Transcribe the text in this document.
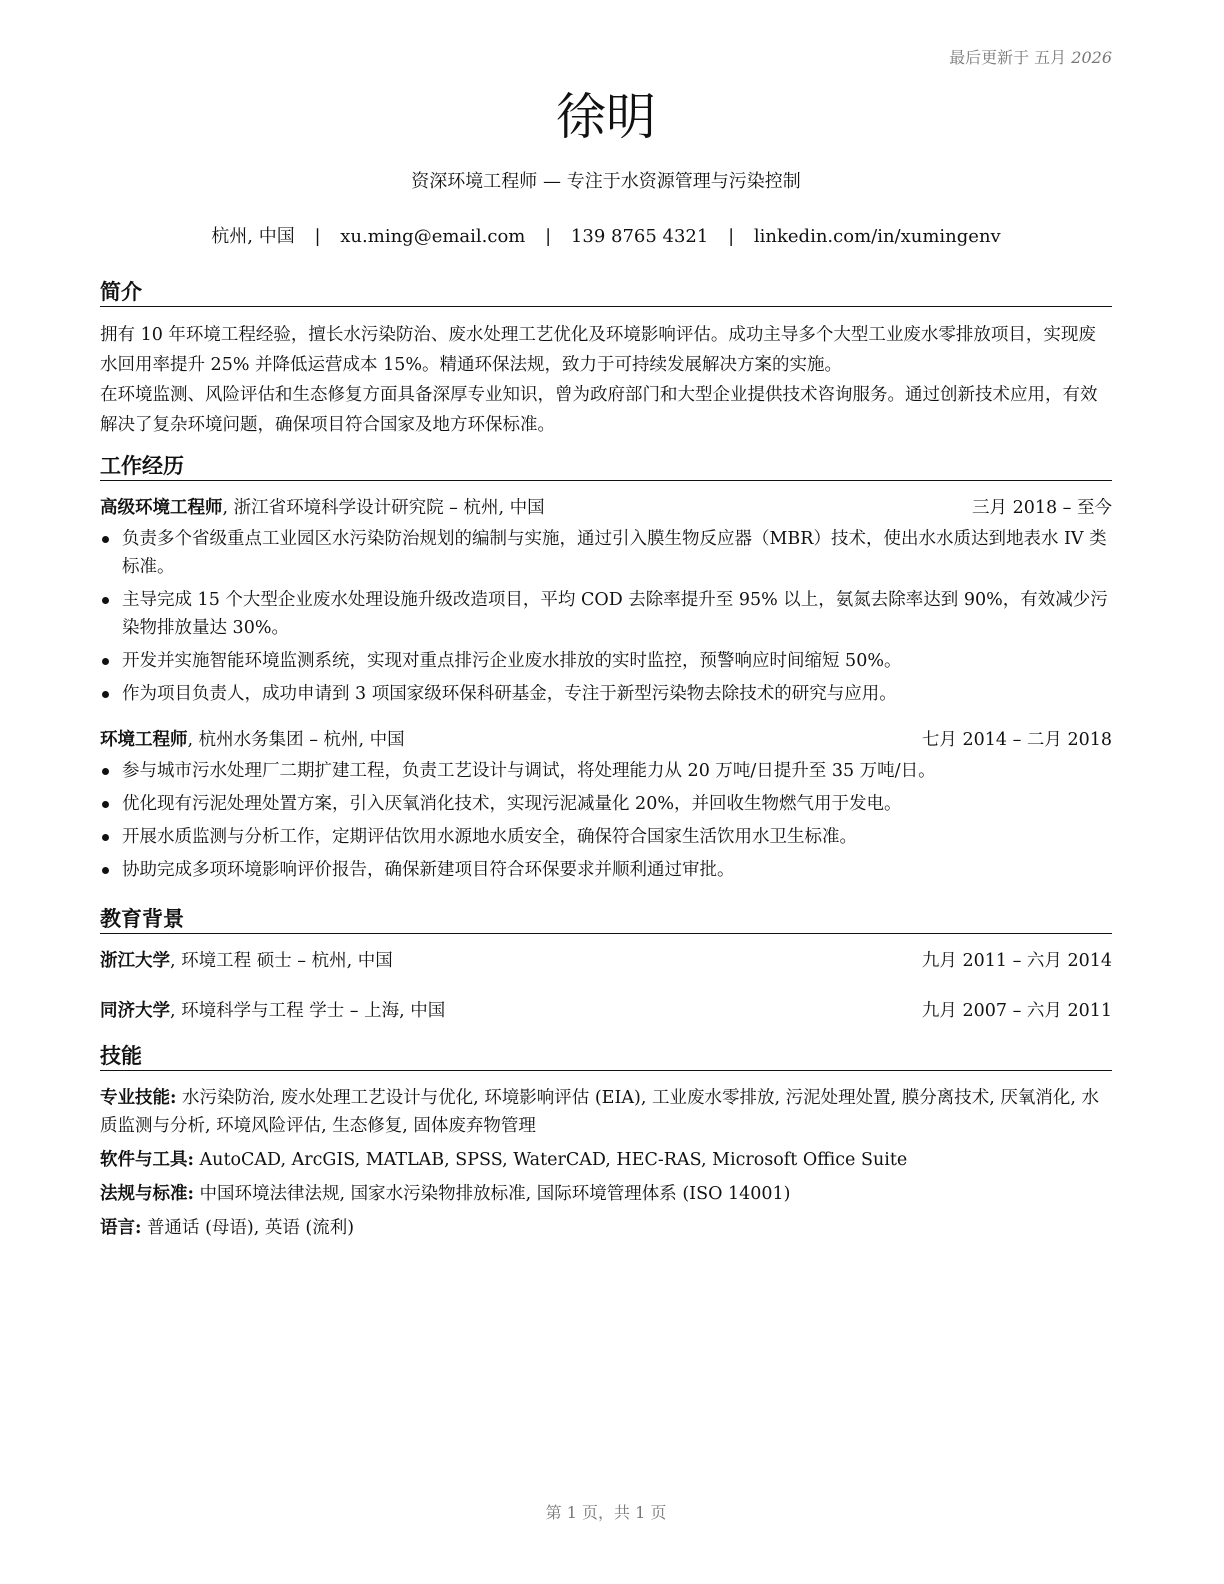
最后更新于 五月 2026
徐明
资深环境工程师 — 专注于水资源管理与污染控制
杭州, 中国 | xu.ming@email.com | 139 8765 4321 | linkedin.com/in/xumingenv
简介
拥有 10 年环境工程经验，擅长水污染防治、废水处理工艺优化及环境影响评估。成功主导多个大型工业废水零排放项目，实现废水回用率提升 25% 并降低运营成本 15%。精通环保法规，致力于可持续发展解决方案的实施。
在环境监测、风险评估和生态修复方面具备深厚专业知识，曾为政府部门和大型企业提供技术咨询服务。通过创新技术应用，有效解决了复杂环境问题，确保项目符合国家及地方环保标准。
工作经历
高级环境工程师, 浙江省环境科学设计研究院 – 杭州, 中国	三月 2018 – 至今
负责多个省级重点工业园区水污染防治规划的编制与实施，通过引入膜生物反应器（MBR）技术，使出水水质达到地表水 IV 类标准。
主导完成 15 个大型企业废水处理设施升级改造项目，平均 COD 去除率提升至 95% 以上，氨氮去除率达到 90%，有效减少污染物排放量达 30%。
开发并实施智能环境监测系统，实现对重点排污企业废水排放的实时监控，预警响应时间缩短 50%。
作为项目负责人，成功申请到 3 项国家级环保科研基金，专注于新型污染物去除技术的研究与应用。
环境工程师, 杭州水务集团 – 杭州, 中国	七月 2014 – 二月 2018
参与城市污水处理厂二期扩建工程，负责工艺设计与调试，将处理能力从 20 万吨/日提升至 35 万吨/日。
优化现有污泥处理处置方案，引入厌氧消化技术，实现污泥减量化 20%，并回收生物燃气用于发电。
开展水质监测与分析工作，定期评估饮用水源地水质安全，确保符合国家生活饮用水卫生标准。
协助完成多项环境影响评价报告，确保新建项目符合环保要求并顺利通过审批。
教育背景
浙江大学, 环境工程 硕士 – 杭州, 中国	九月 2011 – 六月 2014
同济大学, 环境科学与工程 学士 – 上海, 中国	九月 2007 – 六月 2011
技能
专业技能: 水污染防治, 废水处理工艺设计与优化, 环境影响评估 (EIA), 工业废水零排放, 污泥处理处置, 膜分离技术, 厌氧消化, 水质监测与分析, 环境风险评估, 生态修复, 固体废弃物管理
软件与工具: AutoCAD, ArcGIS, MATLAB, SPSS, WaterCAD, HEC-RAS, Microsoft Office Suite
法规与标准: 中国环境法律法规, 国家水污染物排放标准, 国际环境管理体系 (ISO 14001)
语言: 普通话 (母语), 英语 (流利)
第 1 页，共 1 页
